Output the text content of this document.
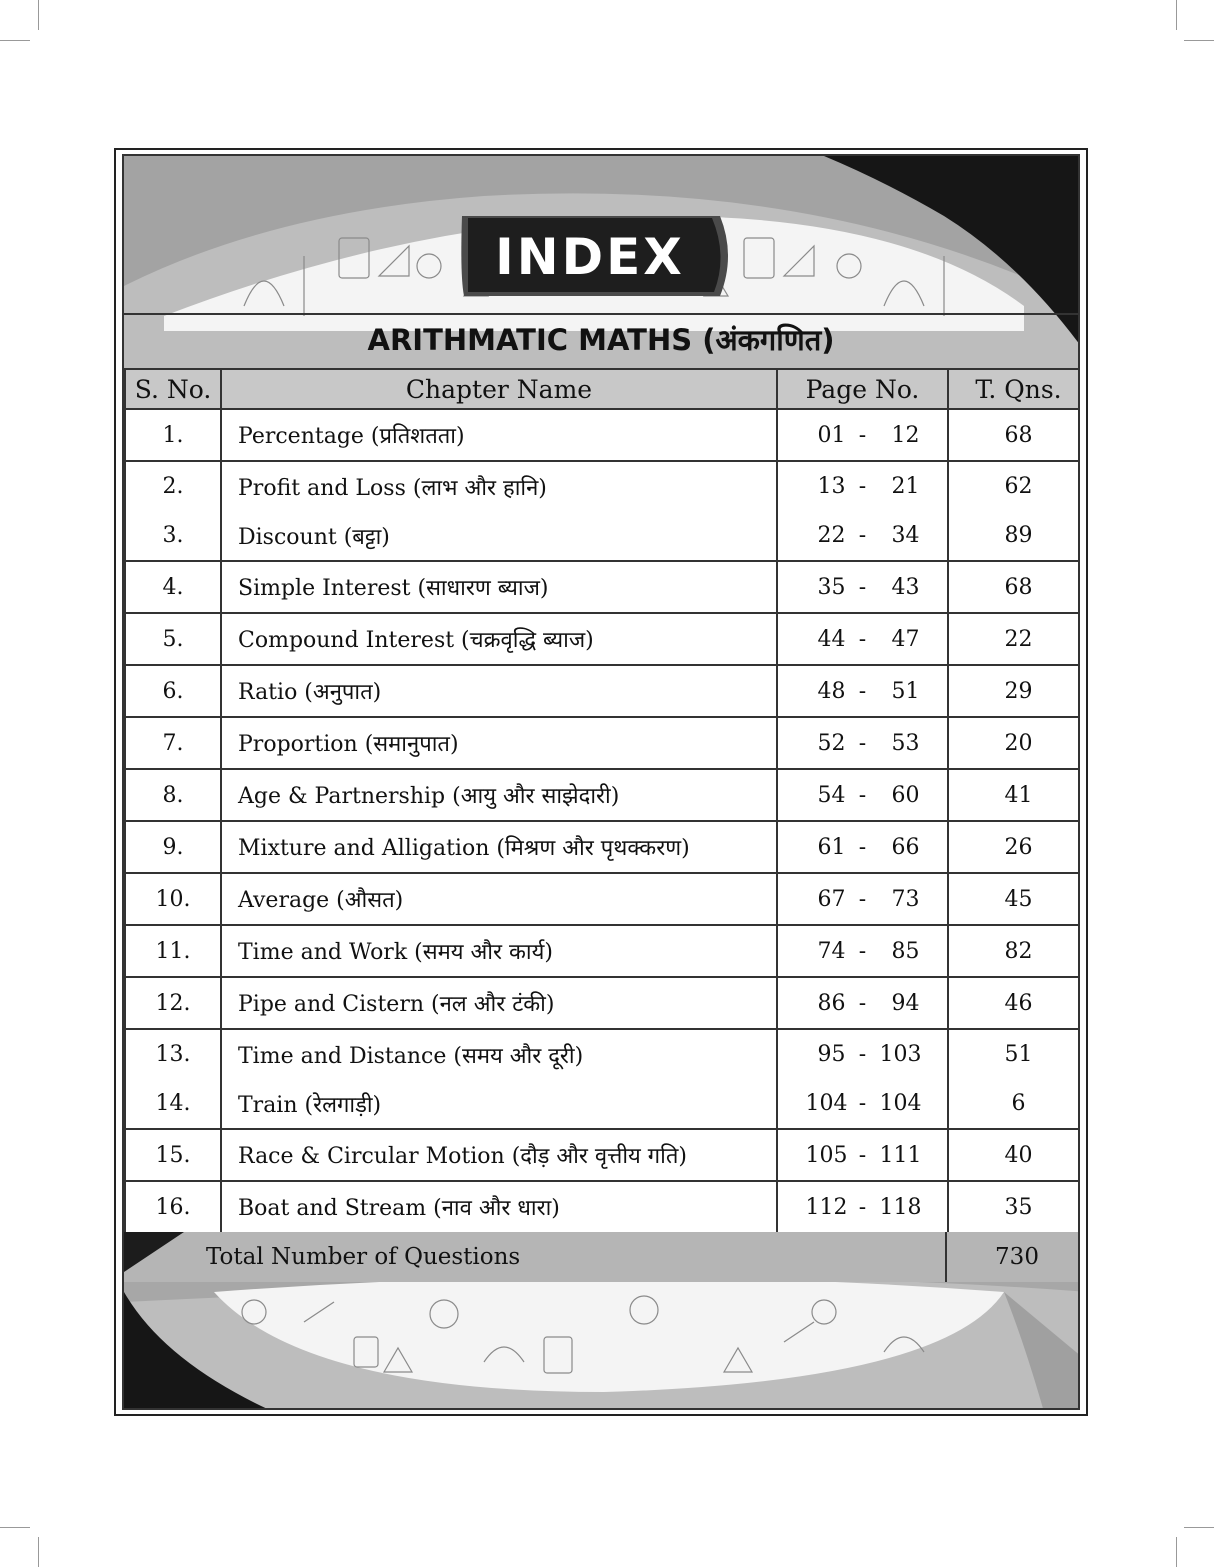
INDEX
ARITHMATIC MATHS (अंकगणित)
S. No.	Chapter Name	Page No.	T. Qns.
1.	Percentage (प्रतिशतता)	01 - 12	68
2.	Profit and Loss (लाभ और हानि)	13 - 21	62
3.	Discount (बट्टा)	22 - 34	89
4.	Simple Interest (साधारण ब्याज)	35 - 43	68
5.	Compound Interest (चक्रवृद्धि ब्याज)	44 - 47	22
6.	Ratio (अनुपात)	48 - 51	29
7.	Proportion (समानुपात)	52 - 53	20
8.	Age & Partnership (आयु और साझेदारी)	54 - 60	41
9.	Mixture and Alligation (मिश्रण और पृथक्करण)	61 - 66	26
10.	Average (औसत)	67 - 73	45
11.	Time and Work (समय और कार्य)	74 - 85	82
12.	Pipe and Cistern (नल और टंकी)	86 - 94	46
13.	Time and Distance (समय और दूरी)	95 - 103	51
14.	Train (रेलगाड़ी)	104 - 104	6
15.	Race & Circular Motion (दौड़ और वृत्तीय गति)	105 - 111	40
16.	Boat and Stream (नाव और धारा)	112 - 118	35
Total Number of Questions	730
